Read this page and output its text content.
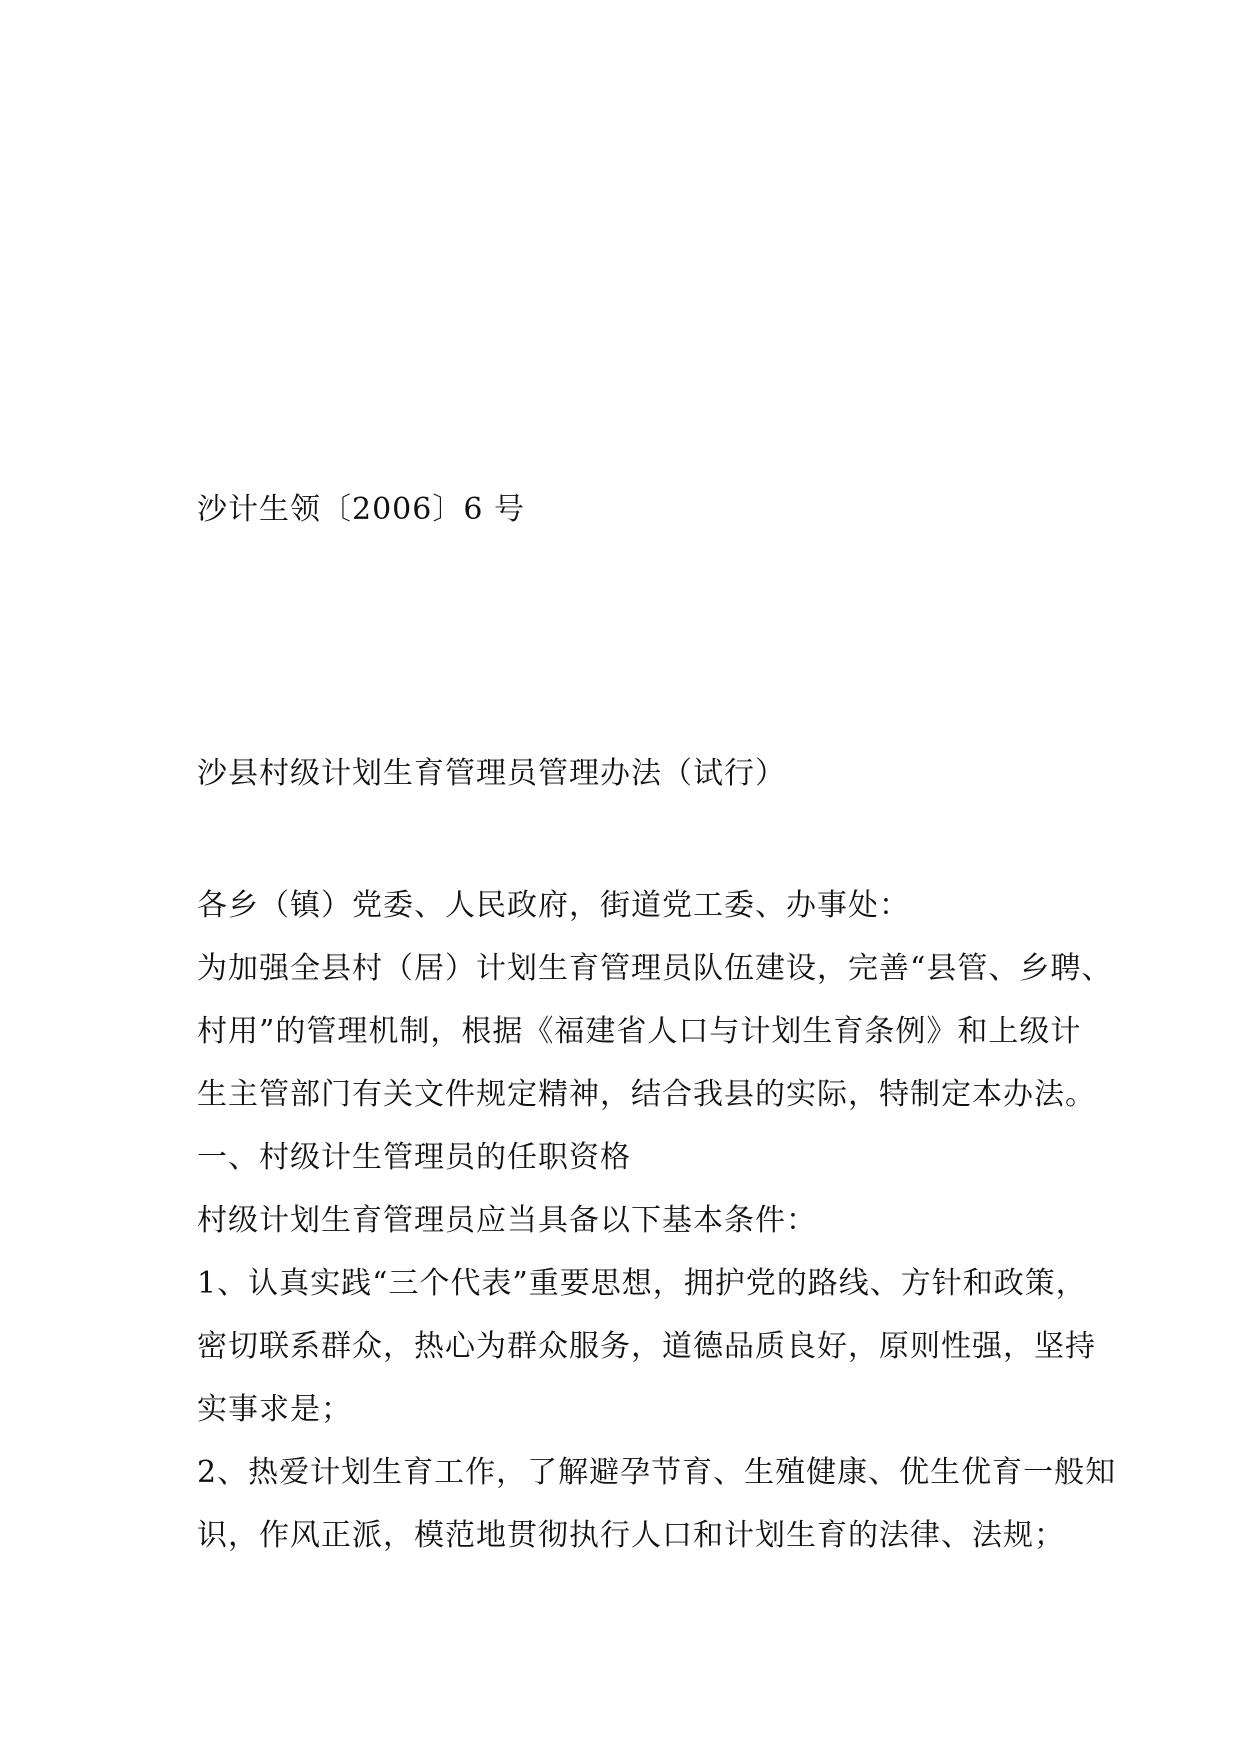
沙计生领〔2006〕6 号
沙县村级计划生育管理员管理办法（试行）
各乡（镇）党委、人民政府，街道党工委、办事处：
为加强全县村（居）计划生育管理员队伍建设，完善“县管、乡聘、
村用”的管理机制，根据《福建省人口与计划生育条例》和上级计
生主管部门有关文件规定精神，结合我县的实际，特制定本办法。
一、村级计生管理员的任职资格
村级计划生育管理员应当具备以下基本条件：
1、认真实践“三个代表”重要思想，拥护党的路线、方针和政策，
密切联系群众，热心为群众服务，道德品质良好，原则性强，坚持
实事求是；
2、热爱计划生育工作，了解避孕节育、生殖健康、优生优育一般知
识，作风正派，模范地贯彻执行人口和计划生育的法律、法规；
